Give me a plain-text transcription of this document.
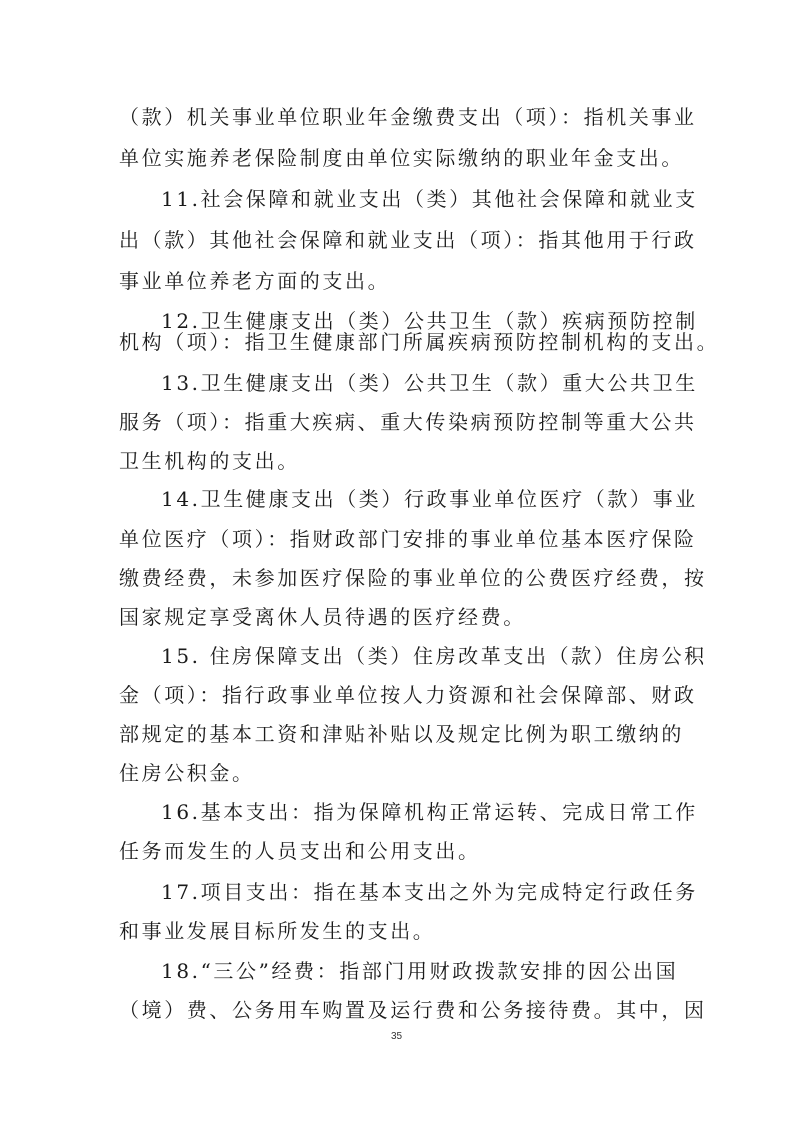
（款）机关事业单位职业年金缴费支出（项）：指机关事业
单位实施养老保险制度由单位实际缴纳的职业年金支出。
11.社会保障和就业支出（类）其他社会保障和就业支
出（款）其他社会保障和就业支出（项）：指其他用于行政
事业单位养老方面的支出。
12.卫生健康支出（类）公共卫生（款）疾病预防控制
机构（项）：指卫生健康部门所属疾病预防控制机构的支出。
13.卫生健康支出（类）公共卫生（款）重大公共卫生
服务（项）：指重大疾病、重大传染病预防控制等重大公共
卫生机构的支出。
14.卫生健康支出（类）行政事业单位医疗（款）事业
单位医疗（项）：指财政部门安排的事业单位基本医疗保险
缴费经费，未参加医疗保险的事业单位的公费医疗经费，按
国家规定享受离休人员待遇的医疗经费。
15. 住房保障支出（类）住房改革支出（款）住房公积
金（项）：指行政事业单位按人力资源和社会保障部、财政
部规定的基本工资和津贴补贴以及规定比例为职工缴纳的
住房公积金。
16.基本支出：指为保障机构正常运转、完成日常工作
任务而发生的人员支出和公用支出。
17.项目支出：指在基本支出之外为完成特定行政任务
和事业发展目标所发生的支出。
18.“三公”经费：指部门用财政拨款安排的因公出国
（境）费、公务用车购置及运行费和公务接待费。其中，因
35
